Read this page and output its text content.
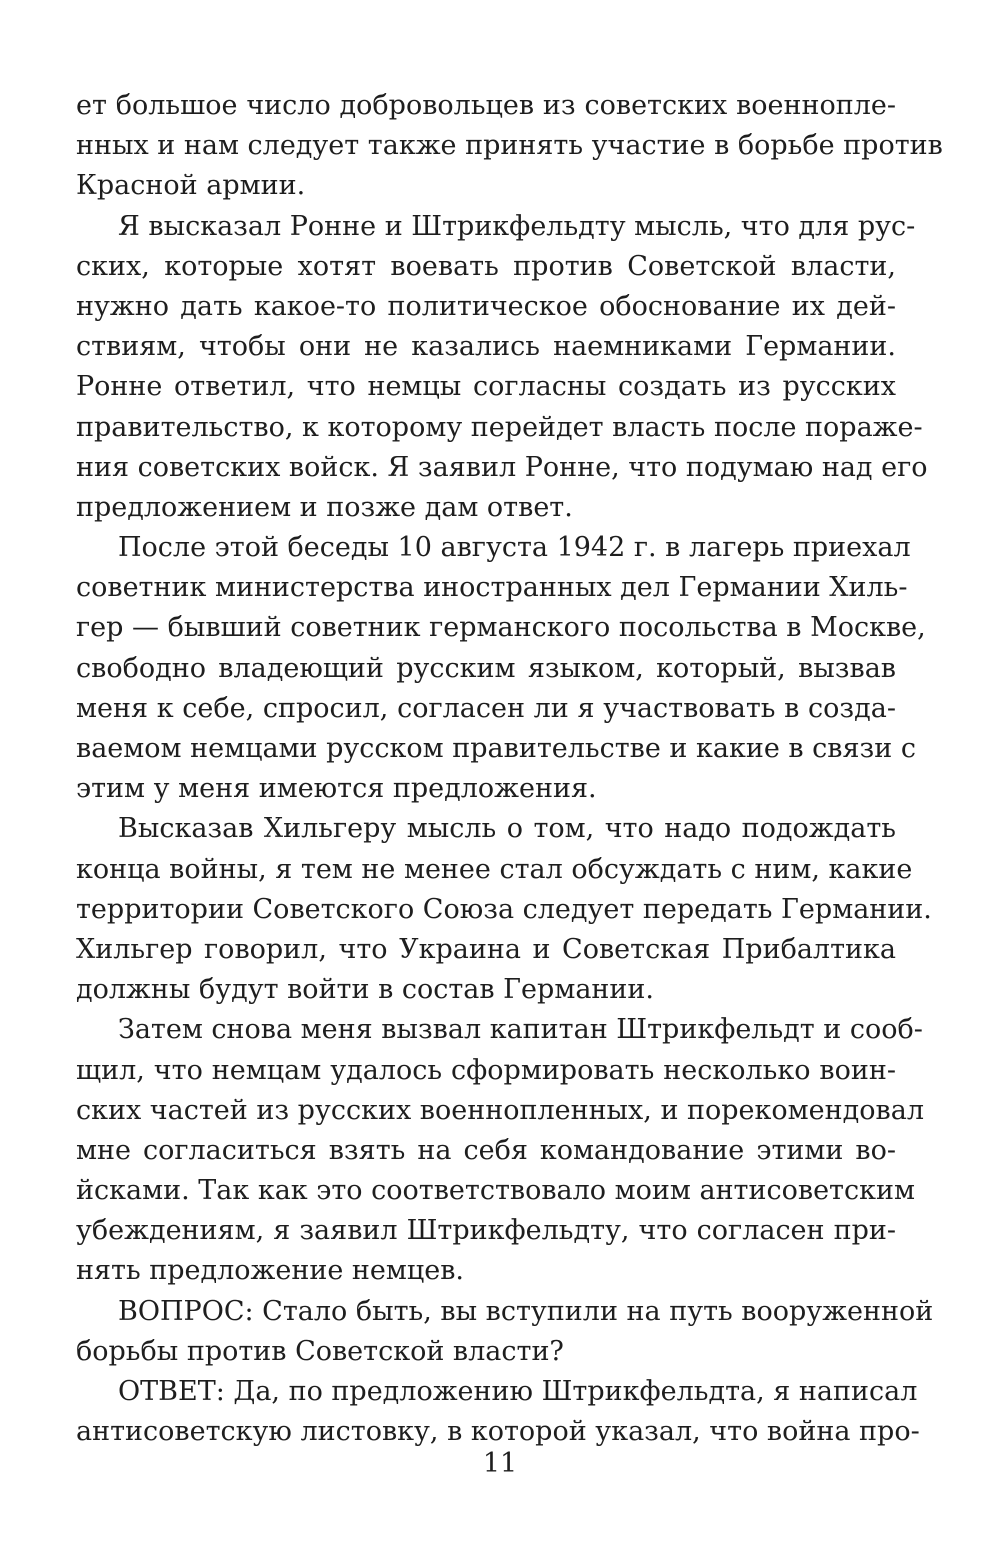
ет большое число добровольцев из советских военнопле-
нных и нам следует также принять участие в борьбе против
Красной армии.
Я высказал Ронне и Штрикфельдту мысль, что для рус-
ских, которые хотят воевать против Советской власти,
нужно дать какое-то политическое обоснование их дей-
ствиям, чтобы они не казались наемниками Германии.
Ронне ответил, что немцы согласны создать из русских
правительство, к которому перейдет власть после пораже-
ния советских войск. Я заявил Ронне, что подумаю над его
предложением и позже дам ответ.
После этой беседы 10 августа 1942 г. в лагерь приехал
советник министерства иностранных дел Германии Хиль-
гер — бывший советник германского посольства в Москве,
свободно владеющий русским языком, который, вызвав
меня к себе, спросил, согласен ли я участвовать в созда-
ваемом немцами русском правительстве и какие в связи с
этим у меня имеются предложения.
Высказав Хильгеру мысль о том, что надо подождать
конца войны, я тем не менее стал обсуждать с ним, какие
территории Советского Союза следует передать Германии.
Хильгер говорил, что Украина и Советская Прибалтика
должны будут войти в состав Германии.
Затем снова меня вызвал капитан Штрикфельдт и сооб-
щил, что немцам удалось сформировать несколько воин-
ских частей из русских военнопленных, и порекомендовал
мне согласиться взять на себя командование этими во-
йсками. Так как это соответствовало моим антисоветским
убеждениям, я заявил Штрикфельдту, что согласен при-
нять предложение немцев.
ВОПРОС: Стало быть, вы вступили на путь вооруженной
борьбы против Советской власти?
ОТВЕТ: Да, по предложению Штрикфельдта, я написал
антисоветскую листовку, в которой указал, что война про-
11
